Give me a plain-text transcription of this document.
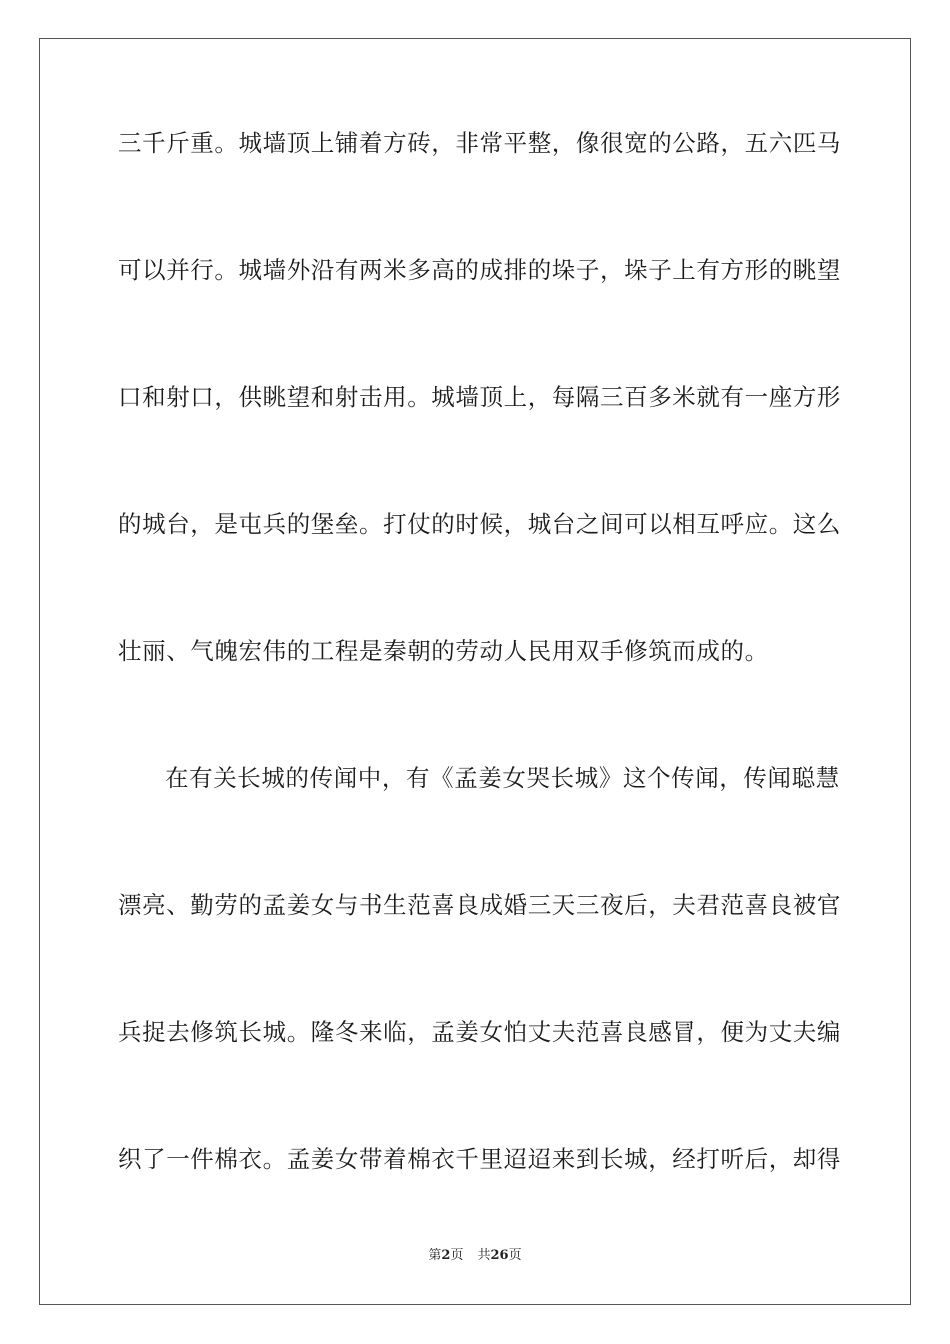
三千斤重。城墙顶上铺着方砖，非常平整，像很宽的公路，五六匹马
可以并行。城墙外沿有两米多高的成排的垛子，垛子上有方形的眺望
口和射口，供眺望和射击用。城墙顶上，每隔三百多米就有一座方形
的城台，是屯兵的堡垒。打仗的时候，城台之间可以相互呼应。这么
壮丽、气魄宏伟的工程是秦朝的劳动人民用双手修筑而成的。
在有关长城的传闻中，有《孟姜女哭长城》这个传闻，传闻聪慧
漂亮、勤劳的孟姜女与书生范喜良成婚三天三夜后，夫君范喜良被官
兵捉去修筑长城。隆冬来临，孟姜女怕丈夫范喜良感冒，便为丈夫编
织了一件棉衣。孟姜女带着棉衣千里迢迢来到长城，经打听后，却得
第2页 共26页
